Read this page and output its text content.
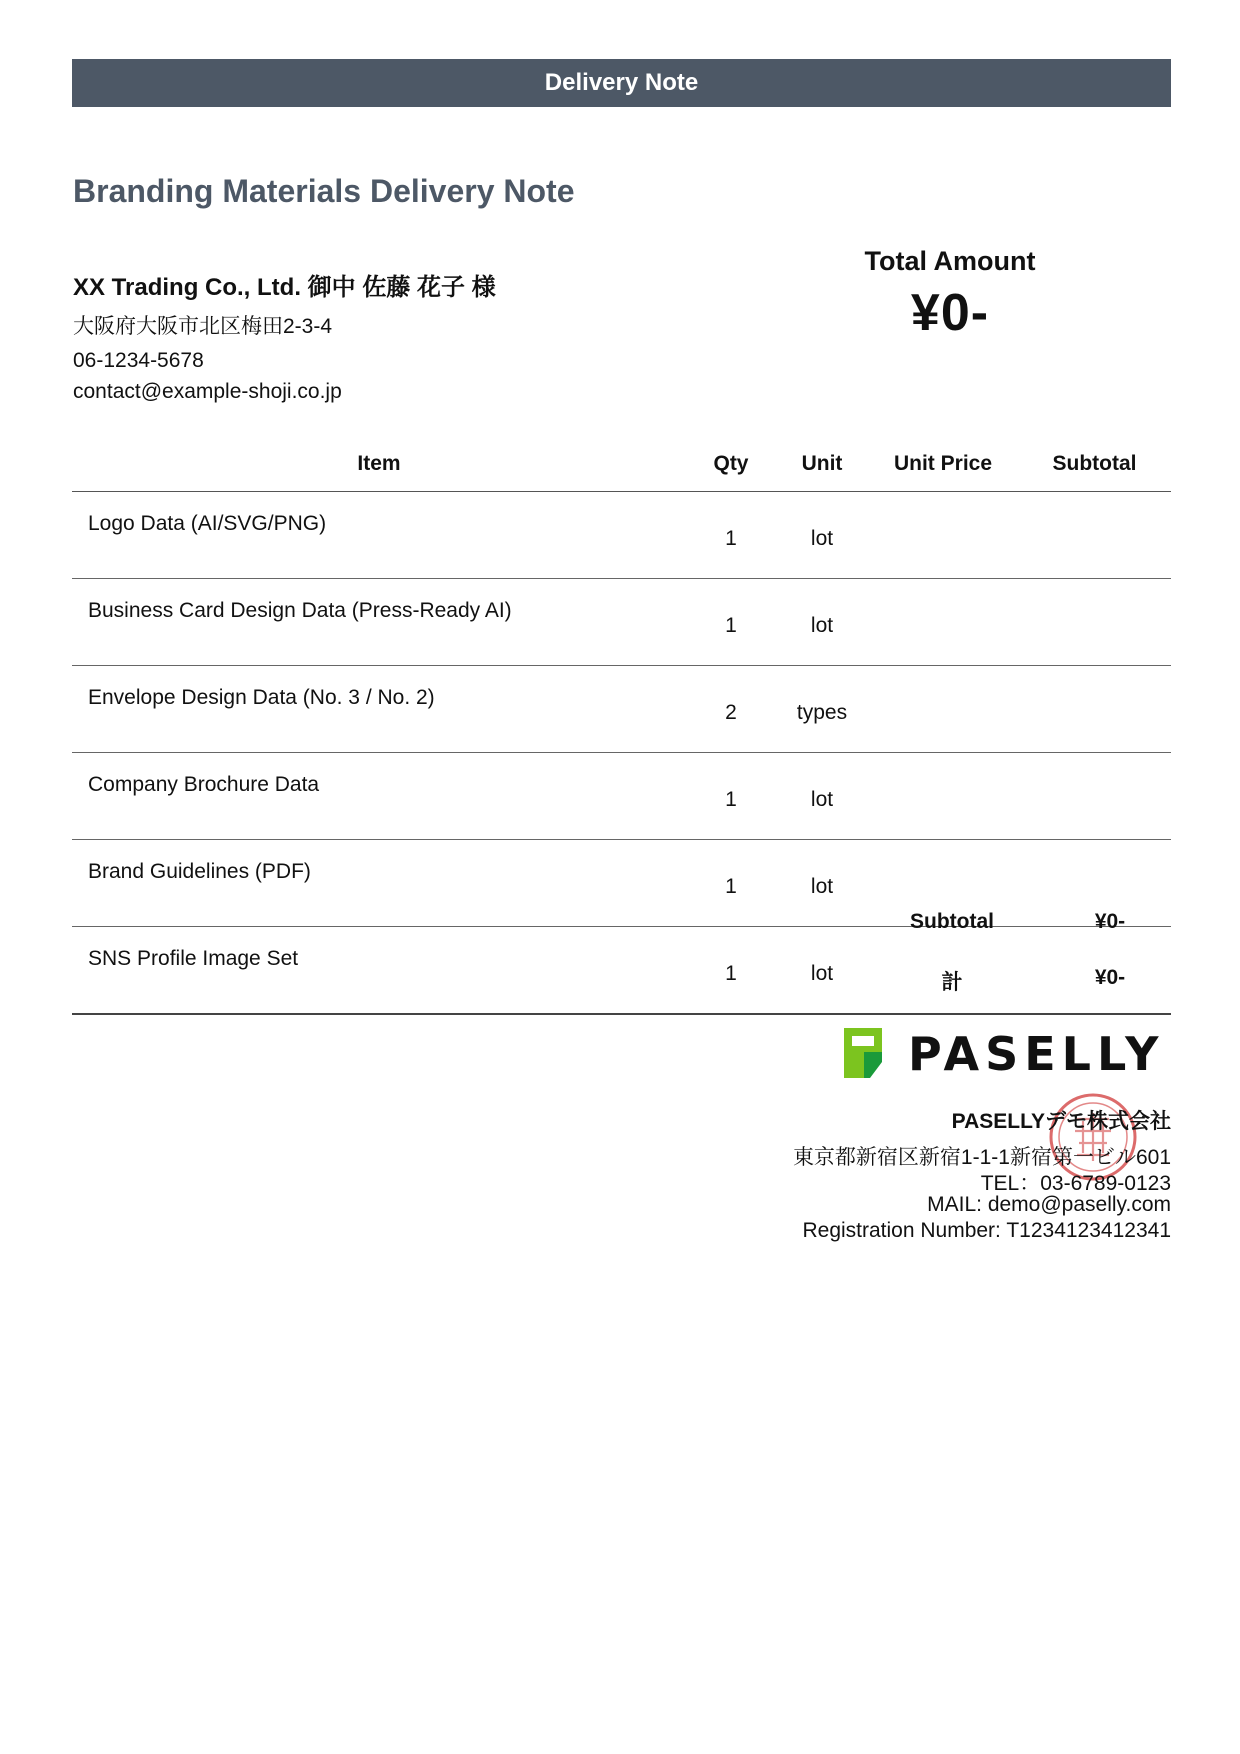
Delivery Note
Branding Materials Delivery Note
XX Trading Co., Ltd. 御中 佐藤 花子 様
大阪府大阪市北区梅田2-3-4
06-1234-5678
contact@example-shoji.co.jp
Total Amount
¥0-
Item	Qty	Unit	Unit Price	Subtotal
Logo Data (AI/SVG/PNG)	1	lot		
Business Card Design Data (Press-Ready AI)	1	lot		
Envelope Design Data (No. 3 / No. 2)	2	types		
Company Brochure Data	1	lot		
Brand Guidelines (PDF)	1	lot		
SNS Profile Image Set	1	lot		
Subtotal	¥0-
計	¥0-
PASELLY
PASELLYデモ株式会社
東京都新宿区新宿1-1-1新宿第一ビル601
TEL：03-6789-0123
MAIL: demo@paselly.com
Registration Number: T1234123412341
